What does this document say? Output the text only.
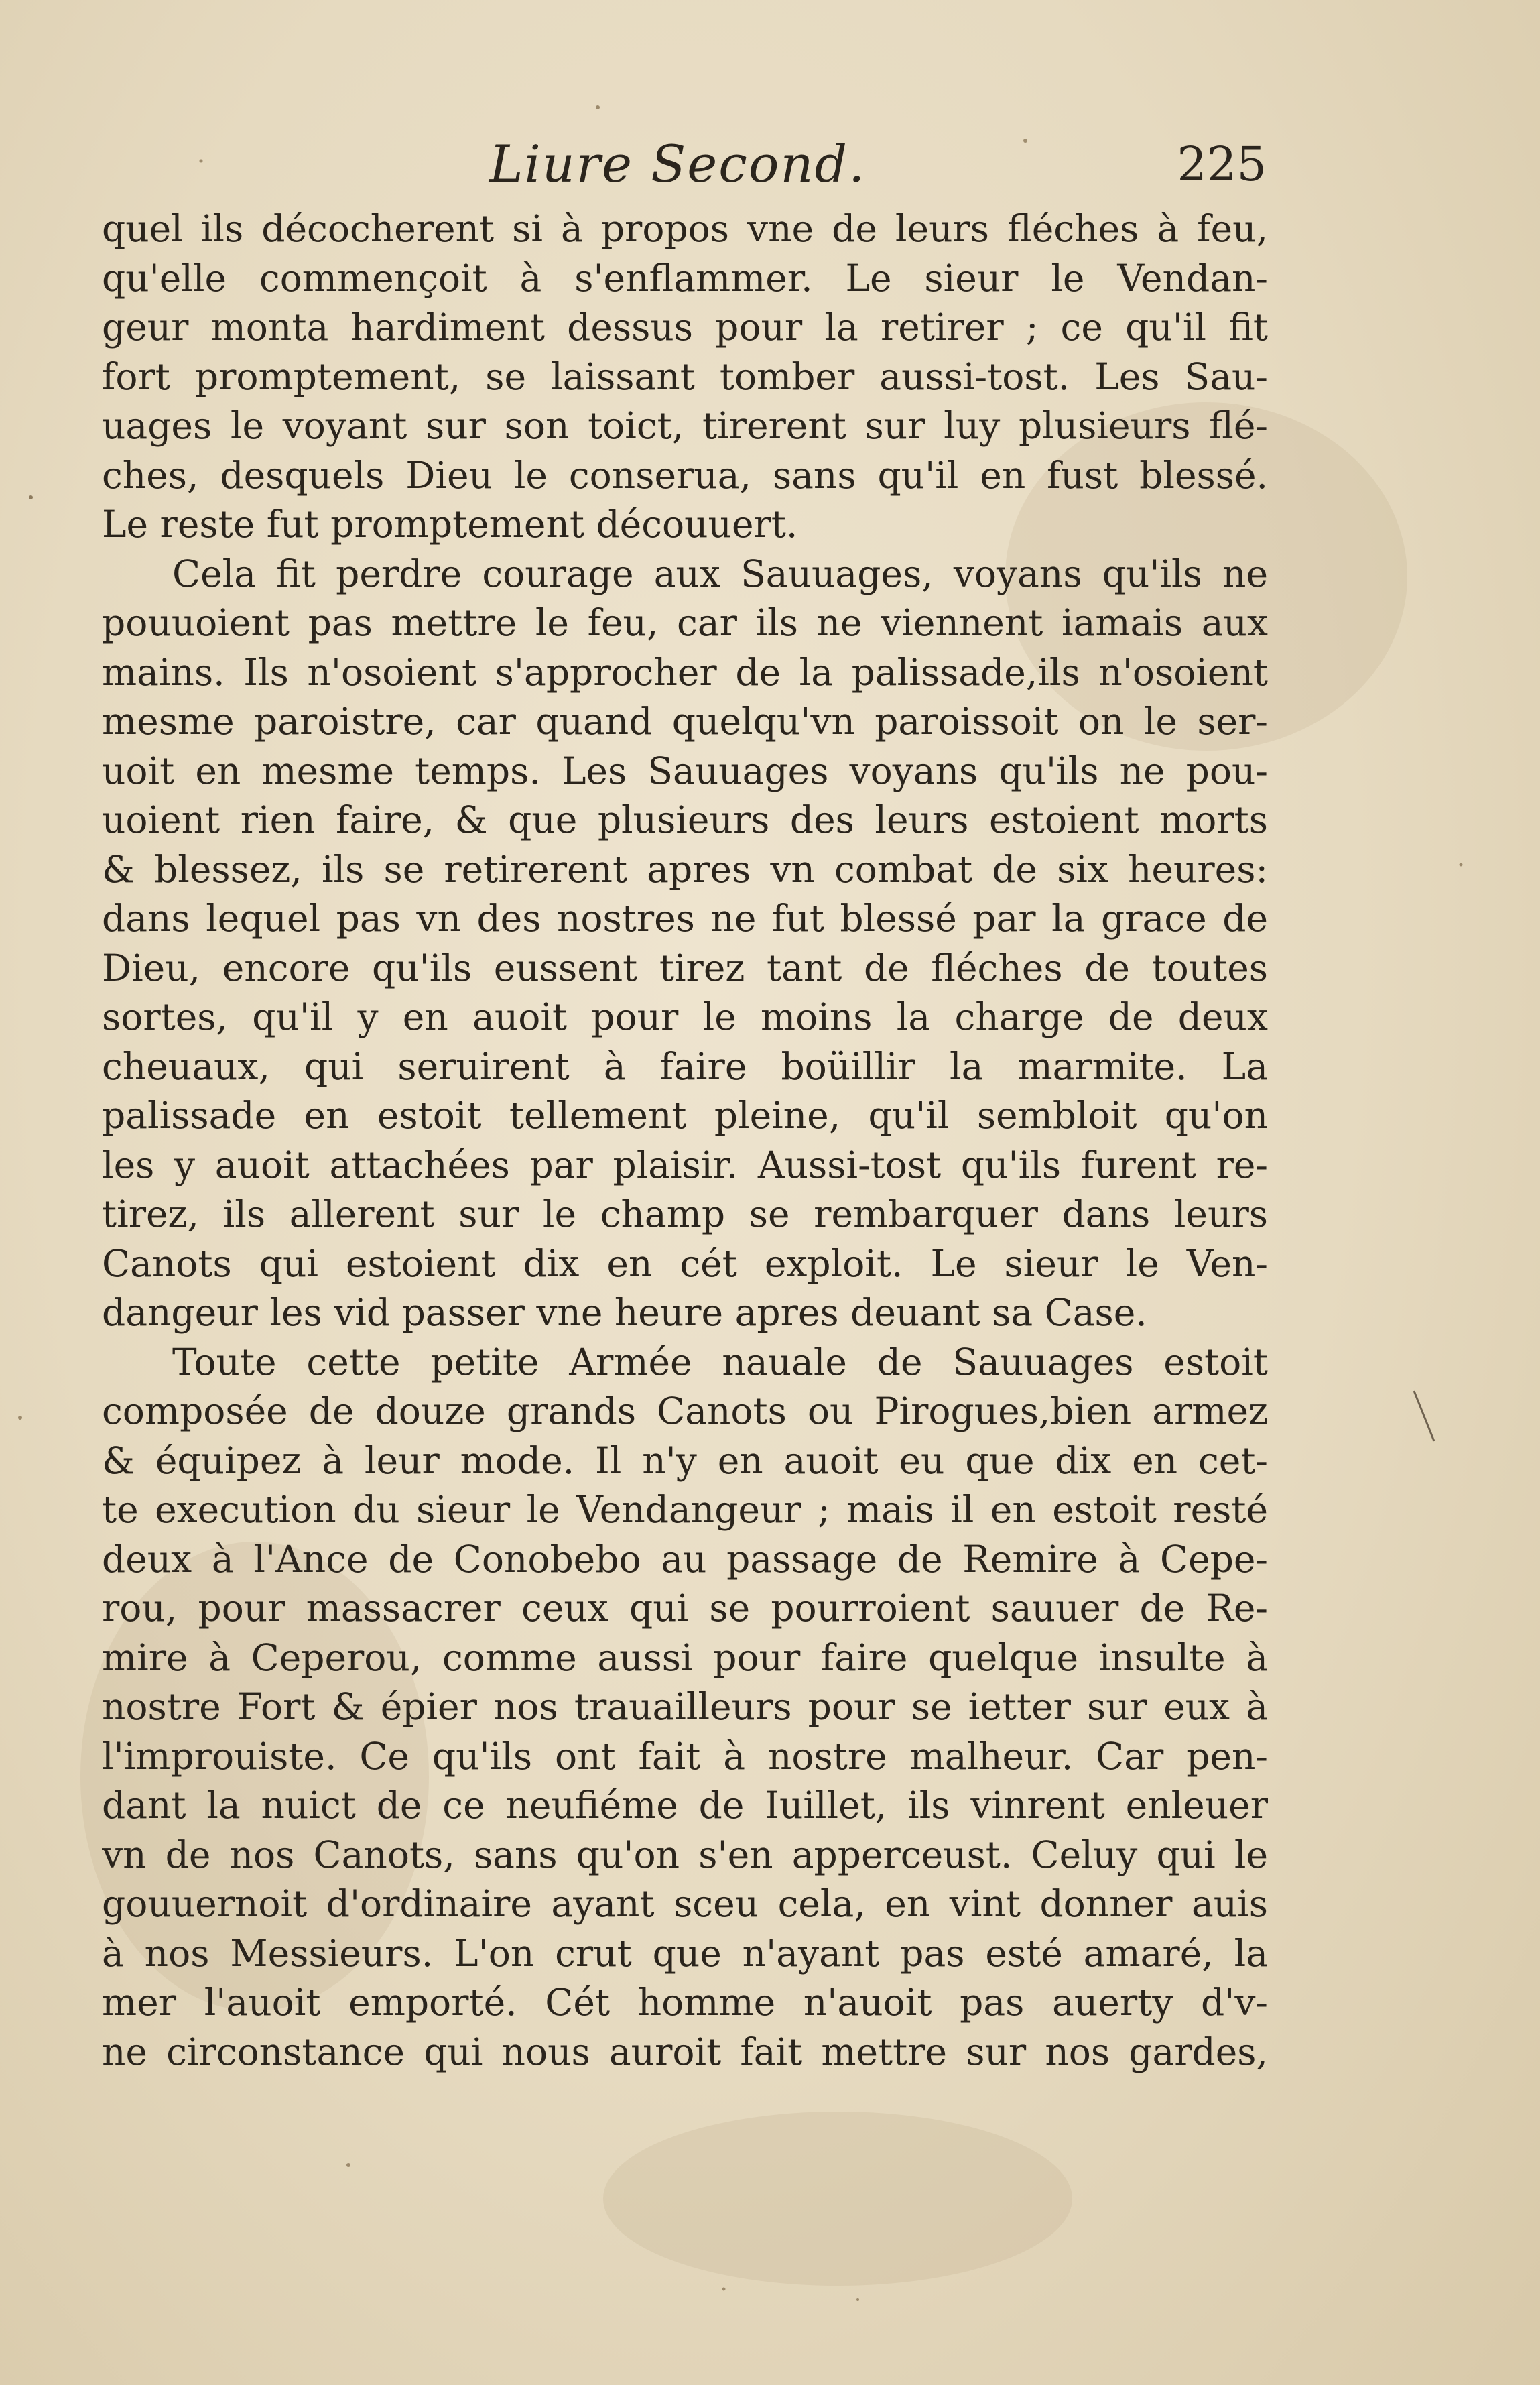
Liure Second.	225
quel ils décocherent si à propos vne de leurs fléches à feu,
qu'elle commençoit à s'enflammer. Le sieur le Vendan-
geur monta hardiment dessus pour la retirer ; ce qu'il fit
fort promptement, se laissant tomber aussi-tost. Les Sau-
uages le voyant sur son toict, tirerent sur luy plusieurs flé-
ches, desquels Dieu le conserua, sans qu'il en fust blessé.
Le reste fut promptement découuert.
Cela fit perdre courage aux Sauuages, voyans qu'ils ne
pouuoient pas mettre le feu, car ils ne viennent iamais aux
mains. Ils n'osoient s'approcher de la palissade,ils n'osoient
mesme paroistre, car quand quelqu'vn paroissoit on le ser-
uoit en mesme temps. Les Sauuages voyans qu'ils ne pou-
uoient rien faire, & que plusieurs des leurs estoient morts
& blessez, ils se retirerent apres vn combat de six heures:
dans lequel pas vn des nostres ne fut blessé par la grace de
Dieu, encore qu'ils eussent tirez tant de fléches de toutes
sortes, qu'il y en auoit pour le moins la charge de deux
cheuaux, qui seruirent à faire boüillir la marmite. La
palissade en estoit tellement pleine, qu'il sembloit qu'on
les y auoit attachées par plaisir. Aussi-tost qu'ils furent re-
tirez, ils allerent sur le champ se rembarquer dans leurs
Canots qui estoient dix en cét exploit. Le sieur le Ven-
dangeur les vid passer vne heure apres deuant sa Case.
Toute cette petite Armée nauale de Sauuages estoit
composée de douze grands Canots ou Pirogues,bien armez
& équipez à leur mode. Il n'y en auoit eu que dix en cet-
te execution du sieur le Vendangeur ; mais il en estoit resté
deux à l'Ance de Conobebo au passage de Remire à Cepe-
rou, pour massacrer ceux qui se pourroient sauuer de Re-
mire à Ceperou, comme aussi pour faire quelque insulte à
nostre Fort & épier nos trauailleurs pour se ietter sur eux à
l'improuiste. Ce qu'ils ont fait à nostre malheur. Car pen-
dant la nuict de ce neufiéme de Iuillet, ils vinrent enleuer
vn de nos Canots, sans qu'on s'en apperceust. Celuy qui le
gouuernoit d'ordinaire ayant sceu cela, en vint donner auis
à nos Messieurs. L'on crut que n'ayant pas esté amaré, la
mer l'auoit emporté. Cét homme n'auoit pas auerty d'v-
ne circonstance qui nous auroit fait mettre sur nos gardes,
